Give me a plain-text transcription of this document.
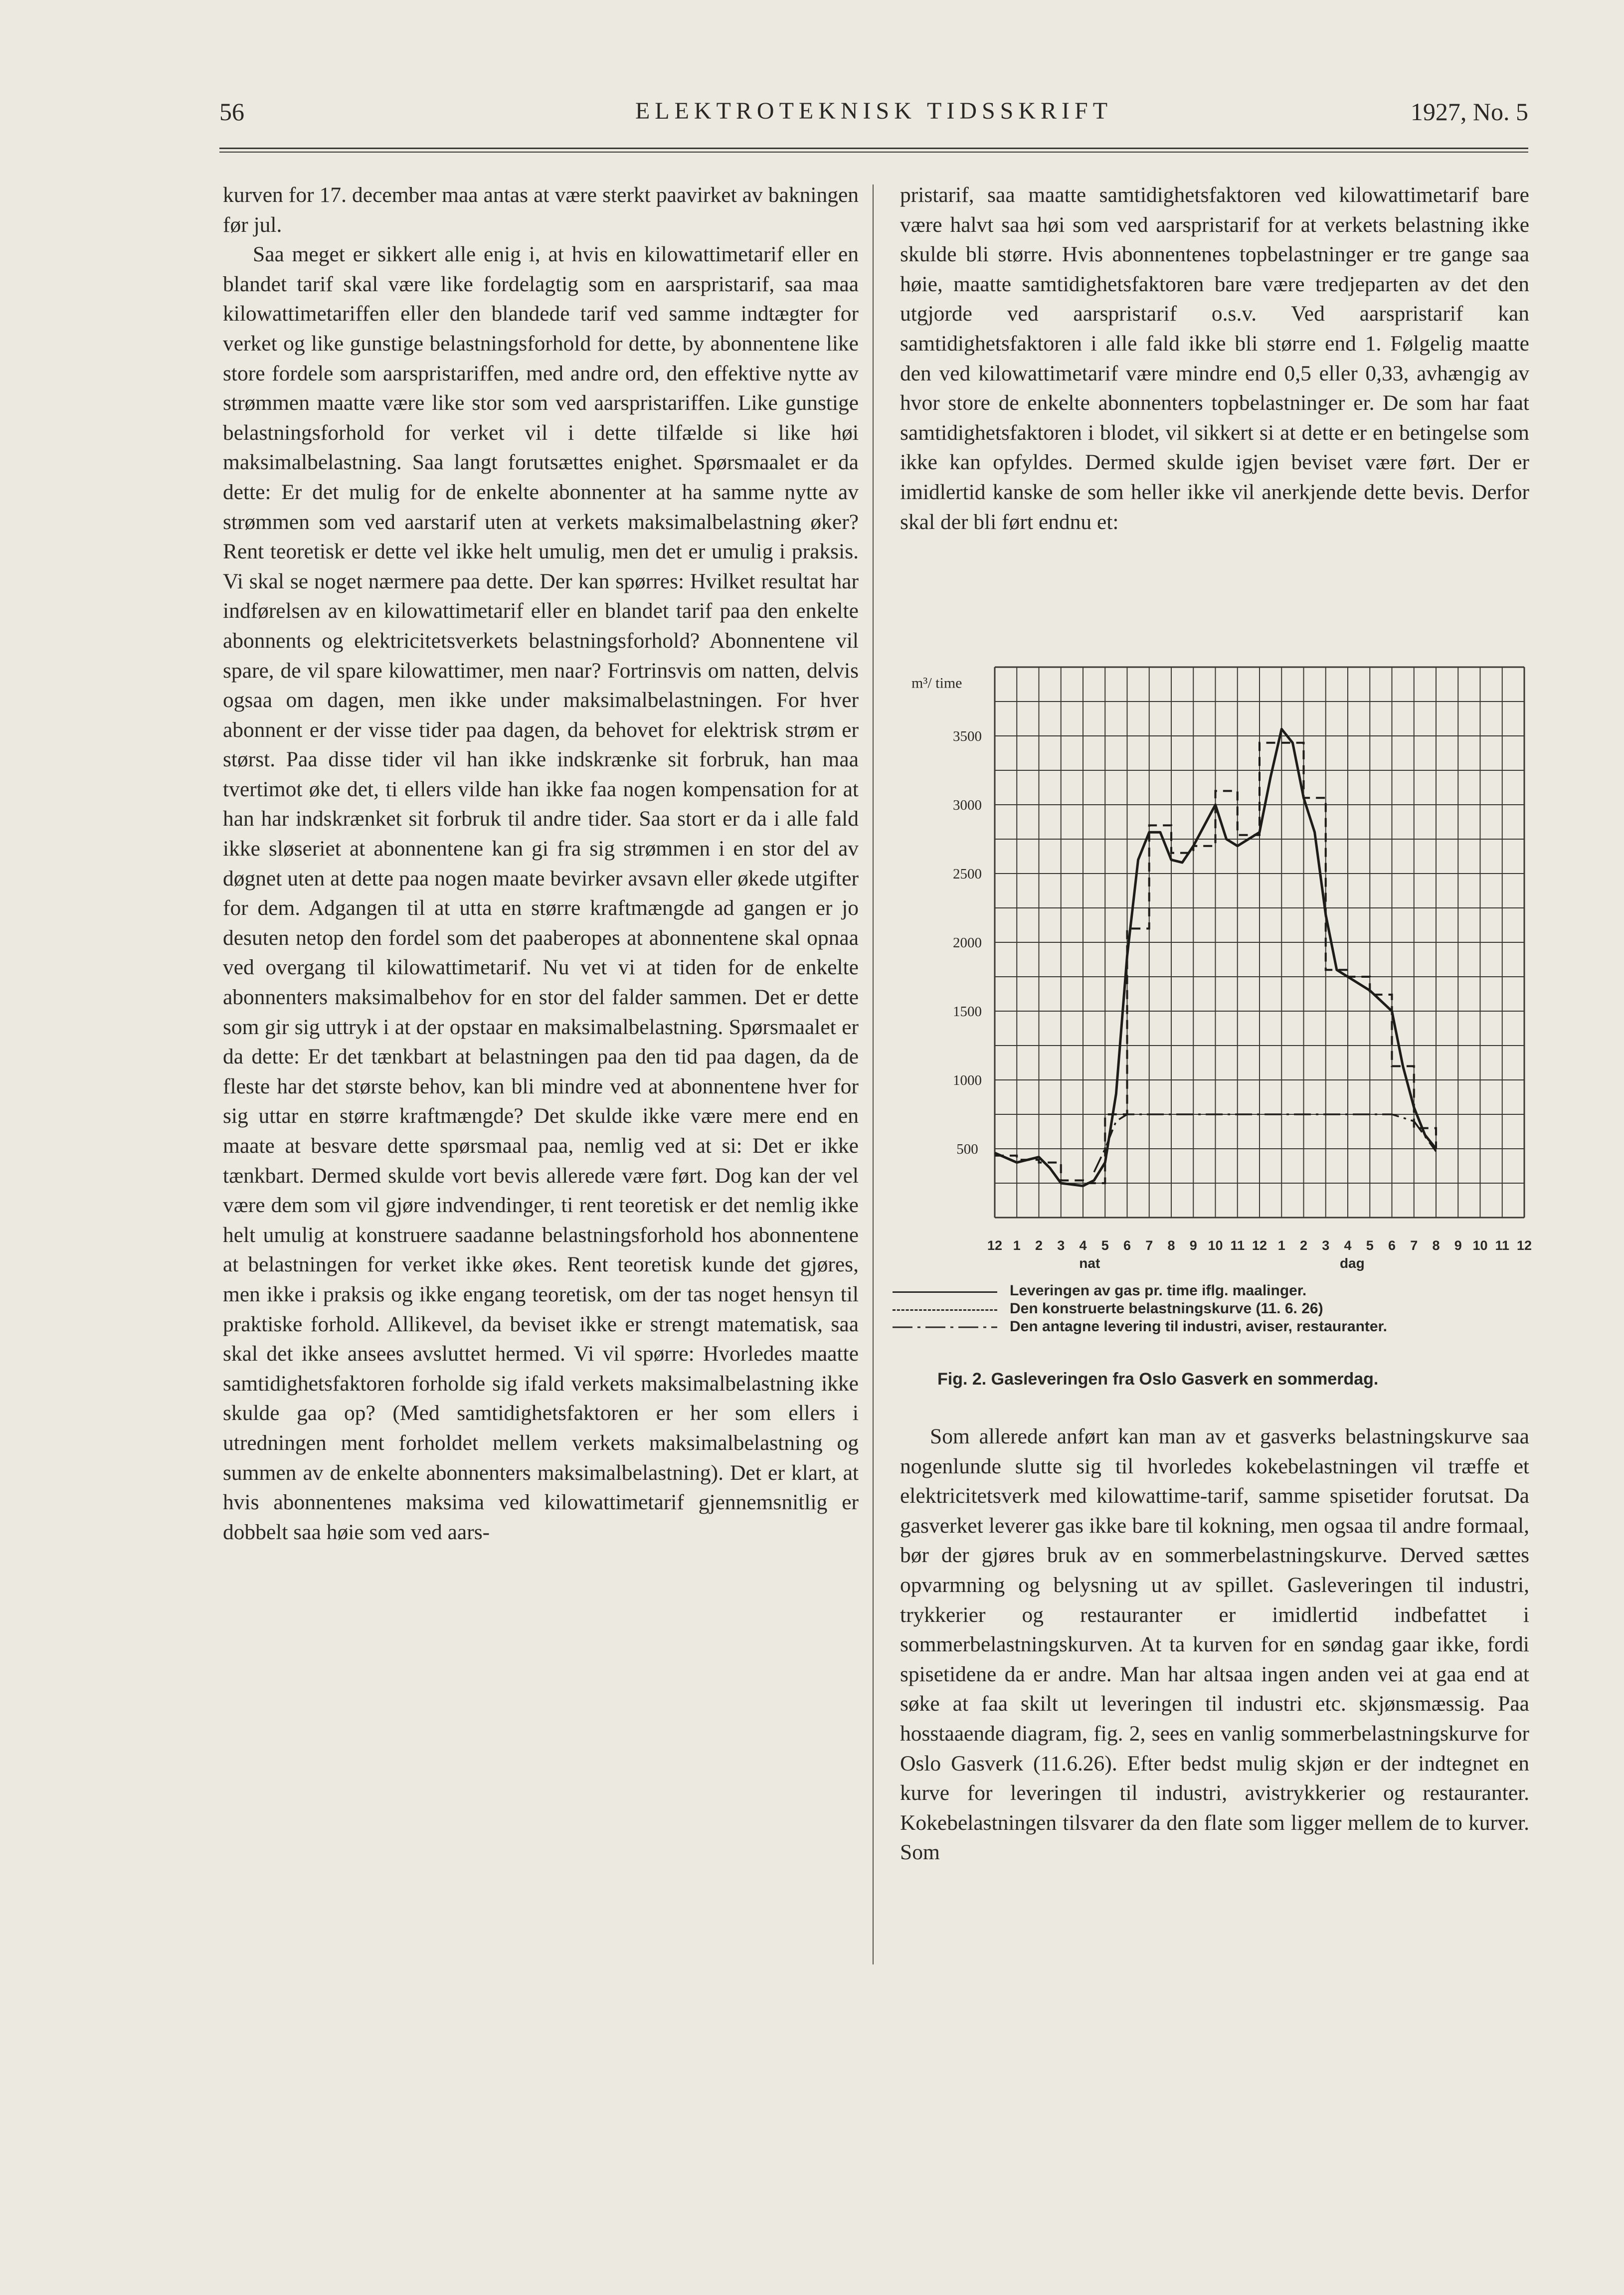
56	ELEKTROTEKNISK TIDSSKRIFT	1927, No. 5

kurven for 17. december maa antas at være sterkt paavirket av bakningen før jul.

Saa meget er sikkert alle enig i, at hvis en kilowattimetarif eller en blandet tarif skal være like fordelagtig som en aarspristarif, saa maa kilowattimetariffen eller den blandede tarif ved samme indtægter for verket og like gunstige belastningsforhold for dette, by abonnentene like store fordele som aarspristariffen, med andre ord, den effektive nytte av strømmen maatte være like stor som ved aarspristariffen. Like gunstige belastningsforhold for verket vil i dette tilfælde si like høi maksimalbelastning. Saa langt forutsættes enighet. Spørsmaalet er da dette: Er det mulig for de enkelte abonnenter at ha samme nytte av strømmen som ved aarstarif uten at verkets maksimalbelastning øker? Rent teoretisk er dette vel ikke helt umulig, men det er umulig i praksis. Vi skal se noget nærmere paa dette. Der kan spørres: Hvilket resultat har indførelsen av en kilowattimetarif eller en blandet tarif paa den enkelte abonnents og elektricitetsverkets belastningsforhold? Abonnentene vil spare, de vil spare kilowattimer, men naar? Fortrinsvis om natten, delvis ogsaa om dagen, men ikke under maksimalbelastningen. For hver abonnent er der visse tider paa dagen, da behovet for elektrisk strøm er størst. Paa disse tider vil han ikke indskrænke sit forbruk, han maa tvertimot øke det, ti ellers vilde han ikke faa nogen kompensation for at han har indskrænket sit forbruk til andre tider. Saa stort er da i alle fald ikke sløseriet at abonnentene kan gi fra sig strømmen i en stor del av døgnet uten at dette paa nogen maate bevirker avsavn eller økede utgifter for dem. Adgangen til at utta en større kraftmængde ad gangen er jo desuten netop den fordel som det paaberopes at abonnentene skal opnaa ved overgang til kilowattimetarif. Nu vet vi at tiden for de enkelte abonnenters maksimalbehov for en stor del falder sammen. Det er dette som gir sig uttryk i at der opstaar en maksimalbelastning. Spørsmaalet er da dette: Er det tænkbart at belastningen paa den tid paa dagen, da de fleste har det største behov, kan bli mindre ved at abonnentene hver for sig uttar en større kraftmængde? Det skulde ikke være mere end en maate at besvare dette spørsmaal paa, nemlig ved at si: Det er ikke tænkbart. Dermed skulde vort bevis allerede være ført. Dog kan der vel være dem som vil gjøre indvendinger, ti rent teoretisk er det nemlig ikke helt umulig at konstruere saadanne belastningsforhold hos abonnentene at belastningen for verket ikke økes. Rent teoretisk kunde det gjøres, men ikke i praksis og ikke engang teoretisk, om der tas noget hensyn til praktiske forhold. Allikevel, da beviset ikke er strengt matematisk, saa skal det ikke ansees avsluttet hermed. Vi vil spørre: Hvorledes maatte samtidighetsfaktoren forholde sig ifald verkets maksimalbelastning ikke skulde gaa op? (Med samtidighetsfaktoren er her som ellers i utredningen ment forholdet mellem verkets maksimalbelastning og summen av de enkelte abonnenters maksimalbelastning). Det er klart, at hvis abonnentenes maksima ved kilowattimetarif gjennemsnitlig er dobbelt saa høie som ved aars-

pristarif, saa maatte samtidighetsfaktoren ved kilowattimetarif bare være halvt saa høi som ved aarspristarif for at verkets belastning ikke skulde bli større. Hvis abonnentenes topbelastninger er tre gange saa høie, maatte samtidighetsfaktoren bare være tredjeparten av det den utgjorde ved aarspristarif o.s.v. Ved aarspristarif kan samtidighetsfaktoren i alle fald ikke bli større end 1. Følgelig maatte den ved kilowattimetarif være mindre end 0,5 eller 0,33, avhængig av hvor store de enkelte abonnenters topbelastninger er. De som har faat samtidighetsfaktoren i blodet, vil sikkert si at dette er en betingelse som ikke kan opfyldes. Dermed skulde igjen beviset være ført. Der er imidlertid kanske de som heller ikke vil anerkjende dette bevis. Derfor skal der bli ført endnu et:

m³/ time
500
1000
1500
2000
2500
3000
3500
12 1 2 3 4 5 6 7 8 9 10 11 12 1 2 3 4 5 6 7 8 9 10 11 12
nat	dag
Leveringen av gas pr. time iflg. maalinger.
Den konstruerte belastningskurve (11. 6. 26)
Den antagne levering til industri, aviser, restauranter.
Fig. 2. Gasleveringen fra Oslo Gasverk en sommerdag.

Som allerede anført kan man av et gasverks belastningskurve saa nogenlunde slutte sig til hvorledes kokebelastningen vil træffe et elektricitetsverk med kilowattime-tarif, samme spisetider forutsat. Da gasverket leverer gas ikke bare til kokning, men ogsaa til andre formaal, bør der gjøres bruk av en sommerbelastningskurve. Derved sættes opvarmning og belysning ut av spillet. Gasleveringen til industri, trykkerier og restauranter er imidlertid indbefattet i sommerbelastningskurven. At ta kurven for en søndag gaar ikke, fordi spisetidene da er andre. Man har altsaa ingen anden vei at gaa end at søke at faa skilt ut leveringen til industri etc. skjønsmæssig. Paa hosstaaende diagram, fig. 2, sees en vanlig sommerbelastningskurve for Oslo Gasverk (11.6.26). Efter bedst mulig skjøn er der indtegnet en kurve for leveringen til industri, avistrykkerier og restauranter. Kokebelastningen tilsvarer da den flate som ligger mellem de to kurver. Som
